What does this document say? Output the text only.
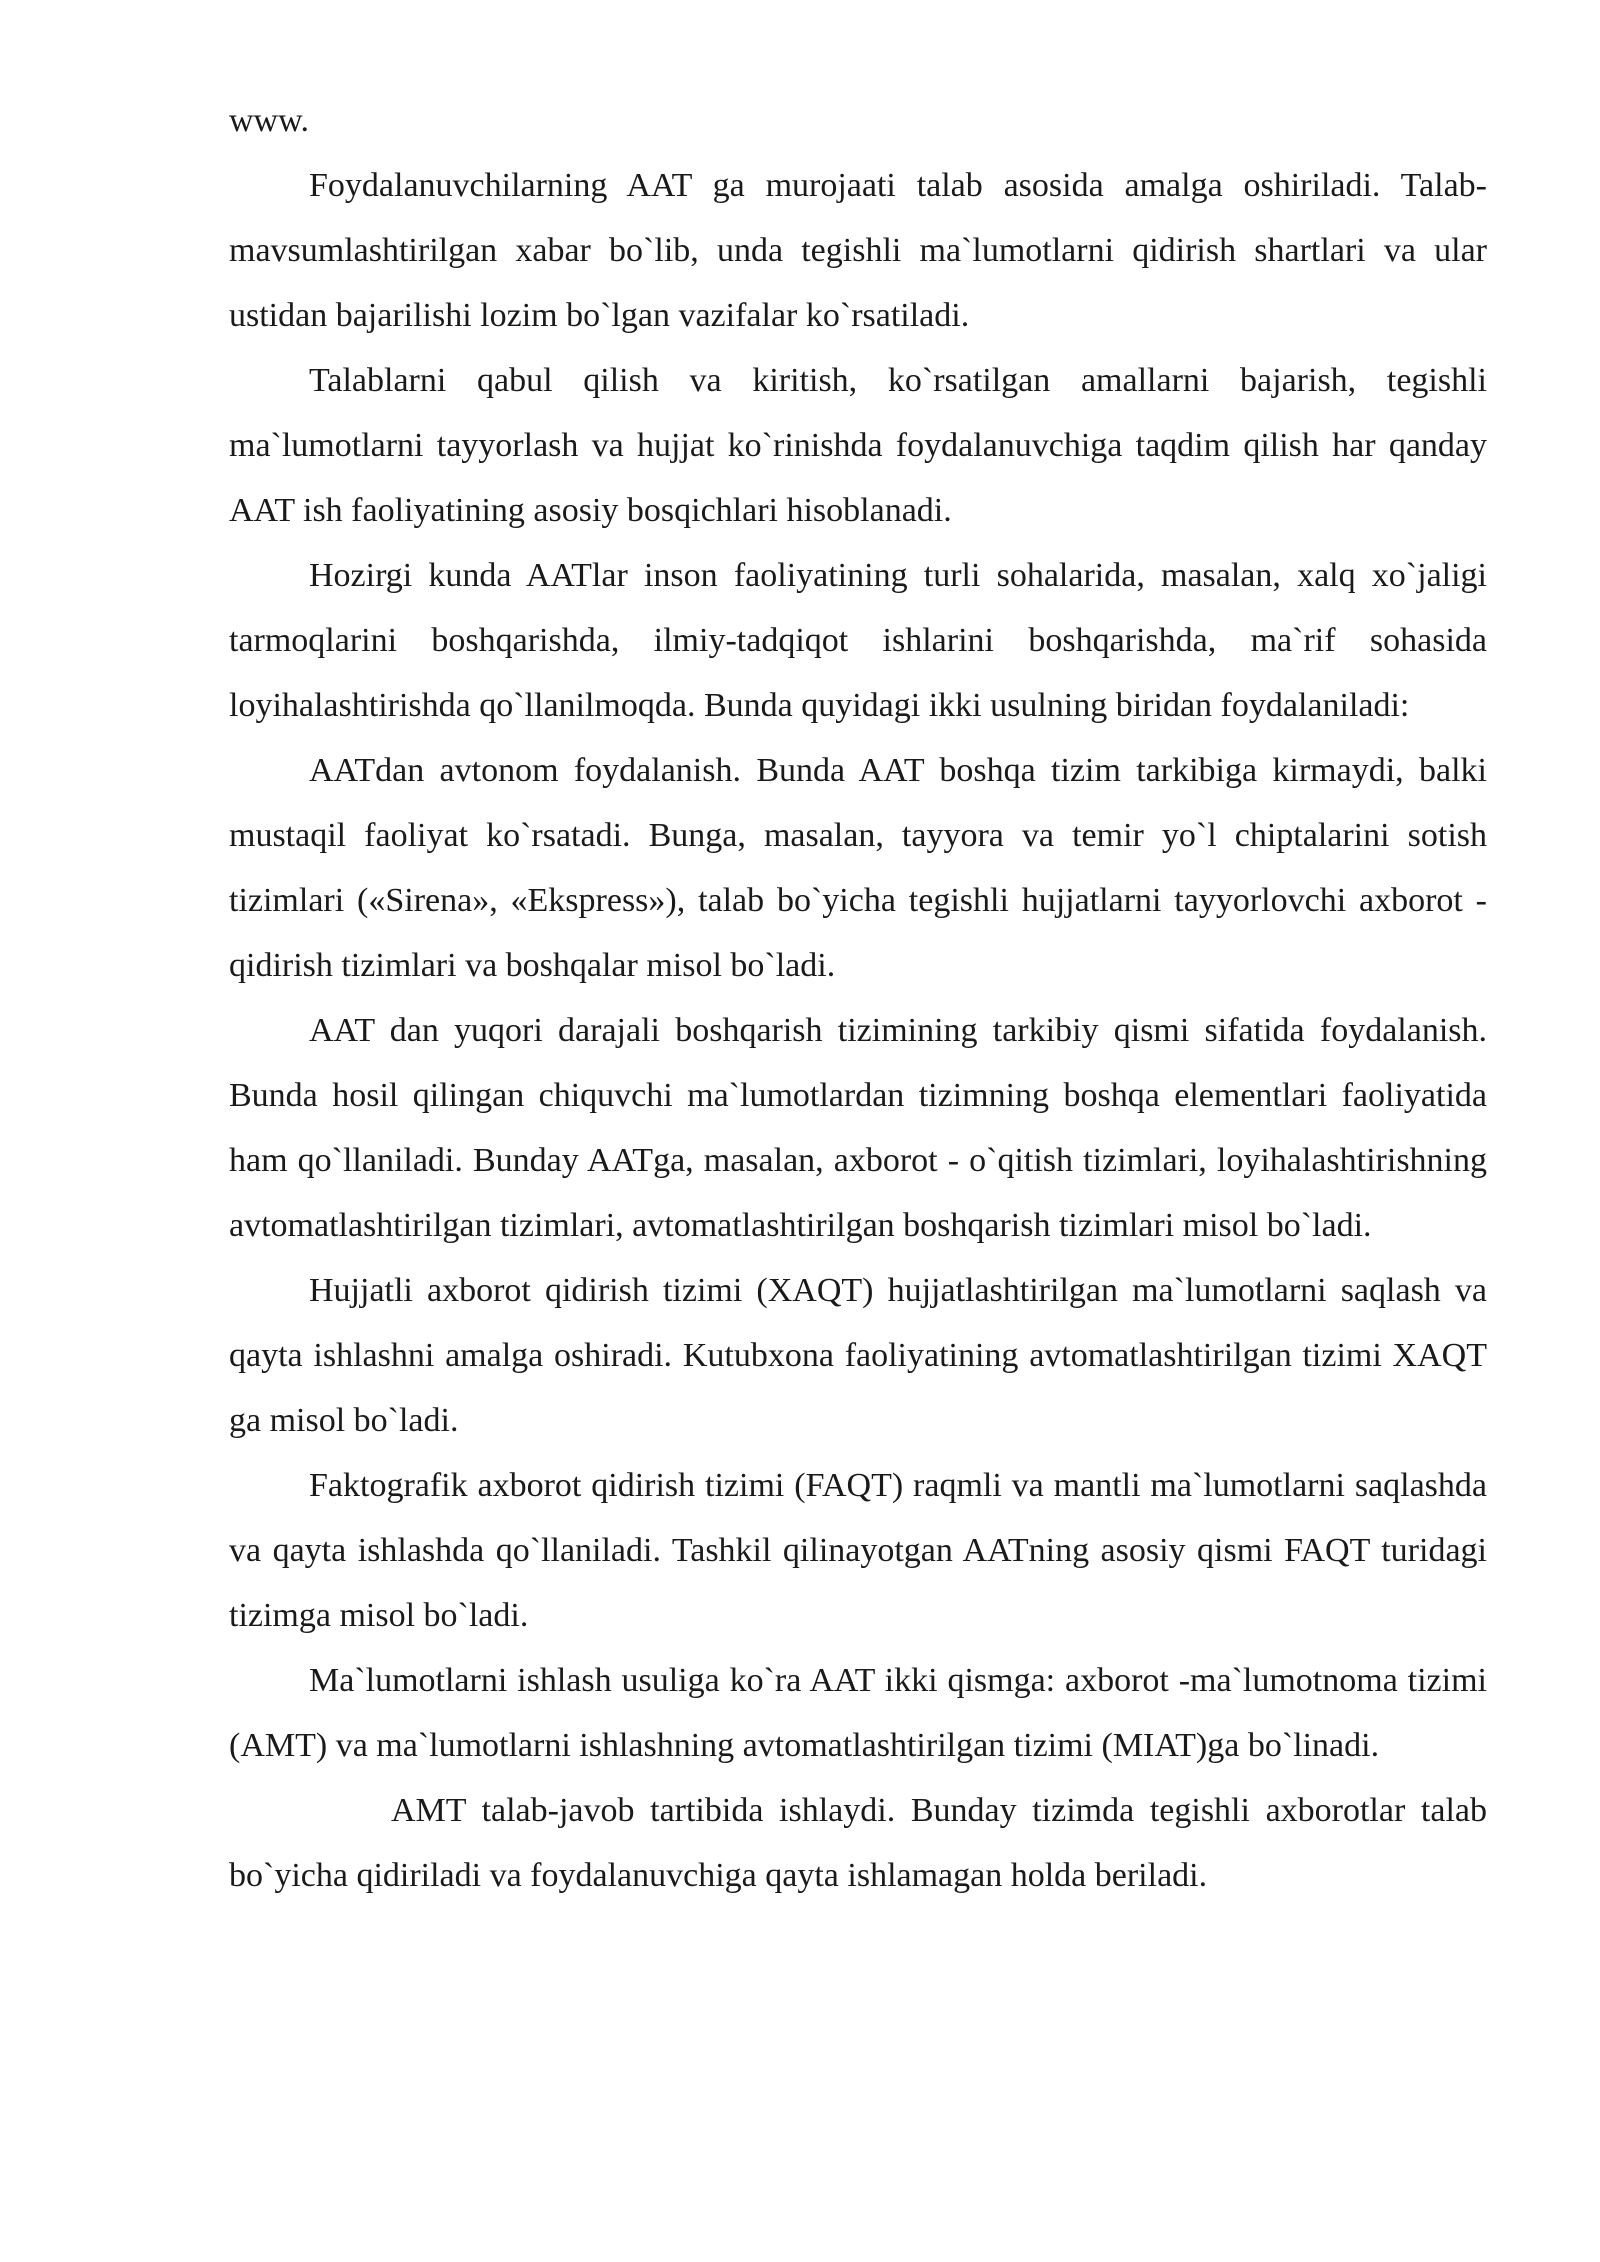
www.

Foydalanuvchilarning AAT ga murojaati talab asosida amalga oshiriladi. Talab-mavsumlashtirilgan xabar bo`lib, unda tegishli ma`lumotlarni qidirish shartlari va ular ustidan bajarilishi lozim bo`lgan vazifalar ko`rsatiladi.

Talablarni qabul qilish va kiritish, ko`rsatilgan amallarni bajarish, tegishli ma`lumotlarni tayyorlash va hujjat ko`rinishda foydalanuvchiga taqdim qilish har qanday AAT ish faoliyatining asosiy bosqichlari hisoblanadi.

Hozirgi kunda AATlar inson faoliyatining turli sohalarida, masalan, xalq xo`jaligi tarmoqlarini boshqarishda, ilmiy-tadqiqot ishlarini boshqarishda, ma`rif sohasida loyihalashtirishda qo`llanilmoqda. Bunda quyidagi ikki usulning biridan foydalaniladi:

AATdan avtonom foydalanish. Bunda AAT boshqa tizim tarkibiga kirmaydi, balki mustaqil faoliyat ko`rsatadi. Bunga, masalan, tayyora va temir yo`l chiptalarini sotish tizimlari («Sirena», «Ekspress»), talab bo`yicha tegishli hujjatlarni tayyorlovchi axborot - qidirish tizimlari va boshqalar misol bo`ladi.

AAT dan yuqori darajali boshqarish tizimining tarkibiy qismi sifatida foydalanish. Bunda hosil qilingan chiquvchi ma`lumotlardan tizimning boshqa elementlari faoliyatida ham qo`llaniladi. Bunday AATga, masalan, axborot - o`qitish tizimlari, loyihalashtirishning avtomatlashtirilgan tizimlari, avtomatlashtirilgan boshqarish tizimlari misol bo`ladi.

Hujjatli axborot qidirish tizimi (XAQT) hujjatlashtirilgan ma`lumotlarni saqlash va qayta ishlashni amalga oshiradi. Kutubxona faoliyatining avtomatlashtirilgan tizimi XAQT ga misol bo`ladi.

Faktografik axborot qidirish tizimi (FAQT) raqmli va mantli ma`lumotlarni saqlashda va qayta ishlashda qo`llaniladi. Tashkil qilinayotgan AATning asosiy qismi FAQT turidagi tizimga misol bo`ladi.

Ma`lumotlarni ishlash usuliga ko`ra AAT ikki qismga: axborot -ma`lumotnoma tizimi (AMT) va ma`lumotlarni ishlashning avtomatlashtirilgan tizimi (MIAT)ga bo`linadi.

AMT talab-javob tartibida ishlaydi. Bunday tizimda tegishli axborotlar talab bo`yicha qidiriladi va foydalanuvchiga qayta ishlamagan holda beriladi.
